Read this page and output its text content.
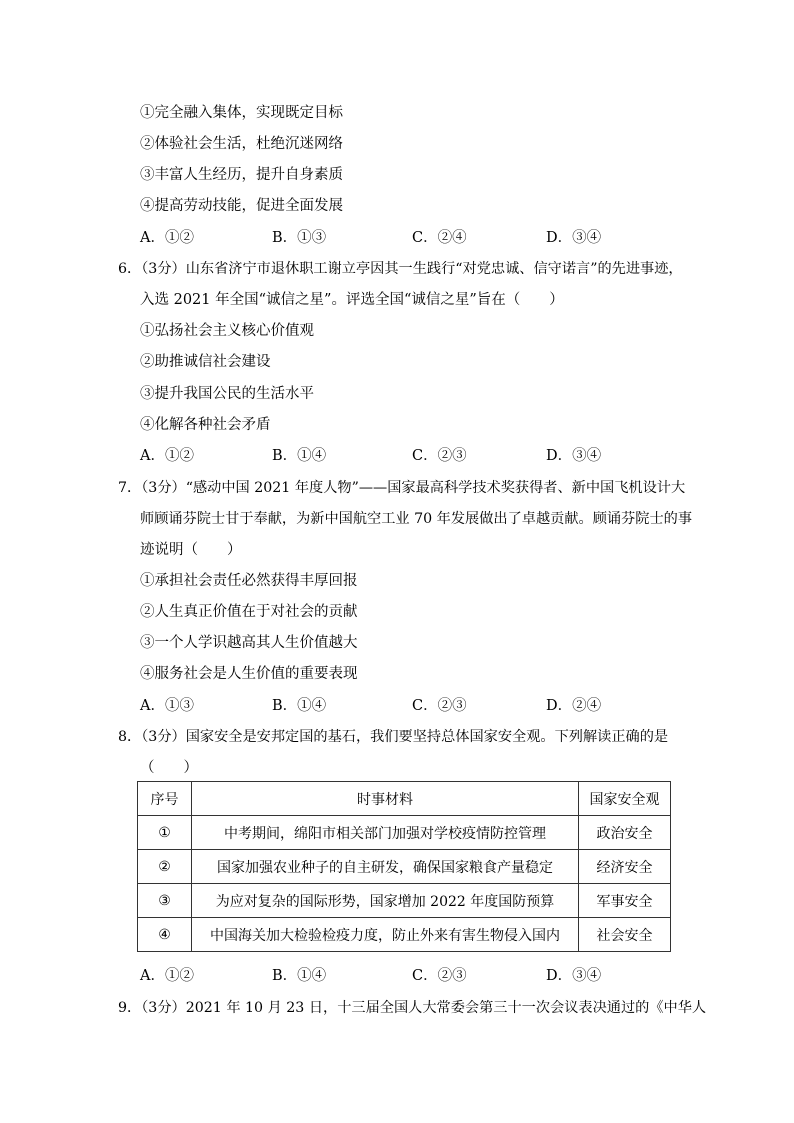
①完全融入集体，实现既定目标
②体验社会生活，杜绝沉迷网络
③丰富人生经历，提升自身素质
④提高劳动技能，促进全面发展
A．①②	B．①③	C．②④	D．③④
6．（3分）山东省济宁市退休职工谢立亭因其一生践行“对党忠诚、信守诺言”的先进事迹，
入选 2021 年全国“诚信之星”。评选全国“诚信之星”旨在（　　）
①弘扬社会主义核心价值观
②助推诚信社会建设
③提升我国公民的生活水平
④化解各种社会矛盾
A．①②	B．①④	C．②③	D．③④
7．（3分）“感动中国 2021 年度人物”——国家最高科学技术奖获得者、新中国飞机设计大
师顾诵芬院士甘于奉献，为新中国航空工业 70 年发展做出了卓越贡献。顾诵芬院士的事
迹说明（　　）
①承担社会责任必然获得丰厚回报
②人生真正价值在于对社会的贡献
③一个人学识越高其人生价值越大
④服务社会是人生价值的重要表现
A．①③	B．①④	C．②③	D．②④
8．（3分）国家安全是安邦定国的基石，我们要坚持总体国家安全观。下列解读正确的是
（　　）
序号	时事材料	国家安全观
①	中考期间，绵阳市相关部门加强对学校疫情防控管理	政治安全
②	国家加强农业种子的自主研发，确保国家粮食产量稳定	经济安全
③	为应对复杂的国际形势，国家增加 2022 年度国防预算	军事安全
④	中国海关加大检验检疫力度，防止外来有害生物侵入国内	社会安全
A．①②	B．①④	C．②③	D．③④
9．（3分）2021 年 10 月 23 日，十三届全国人大常委会第三十一次会议表决通过的《中华人
